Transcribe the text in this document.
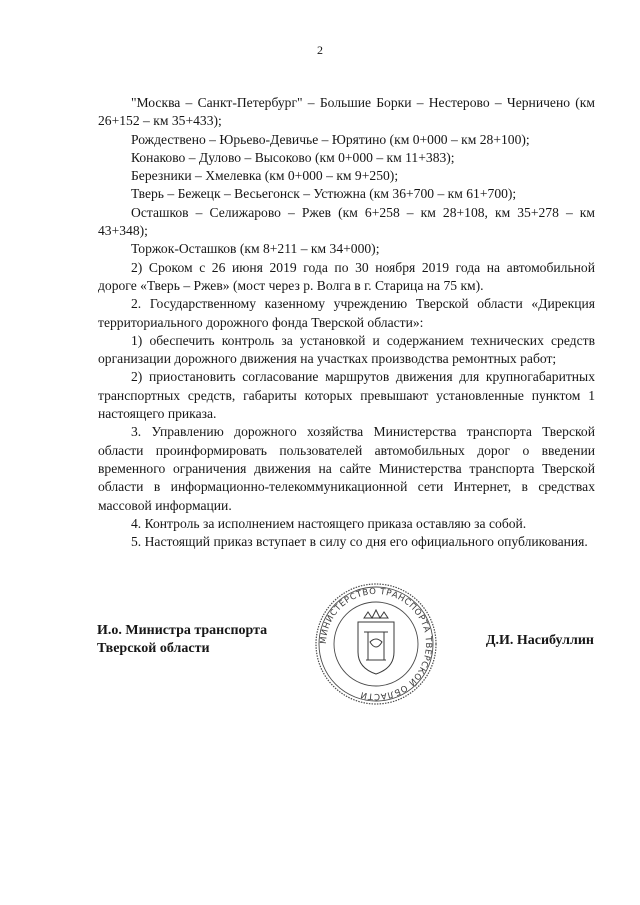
2

"Москва – Санкт-Петербург" – Большие Борки – Нестерово – Черничено (км 26+152 – км 35+433);

Рождествено – Юрьево-Девичье – Юрятино (км 0+000 – км 28+100);

Конаково – Дулово – Высоково (км 0+000 – км 11+383);

Березники – Хмелевка (км 0+000 – км 9+250);

Тверь – Бежецк – Весьегонск – Устюжна (км 36+700 – км 61+700);

Осташков – Селижарово – Ржев (км 6+258 – км 28+108, км 35+278 – км 43+348);

Торжок-Осташков (км 8+211 – км 34+000);

2) Сроком с 26 июня 2019 года по 30 ноября 2019 года на автомобильной дороге «Тверь – Ржев» (мост через р. Волга в г. Старица на 75 км).

2. Государственному казенному учреждению Тверской области «Дирекция территориального дорожного фонда Тверской области»:

1) обеспечить контроль за установкой и содержанием технических средств организации дорожного движения на участках производства ремонтных работ;

2) приостановить согласование маршрутов движения для крупногабаритных транспортных средств, габариты которых превышают установленные пунктом 1 настоящего приказа.

3. Управлению дорожного хозяйства Министерства транспорта Тверской области проинформировать пользователей автомобильных дорог о введении временного ограничения движения на сайте Министерства транспорта Тверской области в информационно-телекоммуникационной сети Интернет, в средствах массовой информации.

4. Контроль за исполнением настоящего приказа оставляю за собой.

5. Настоящий приказ вступает в силу со дня его официального опубликования.

И.о. Министра транспорта
Тверской области
Д.И. Насибуллин
МИНИСТЕРСТВО ТРАНСПОРТА ТВЕРСКОЙ ОБЛАСТИ
